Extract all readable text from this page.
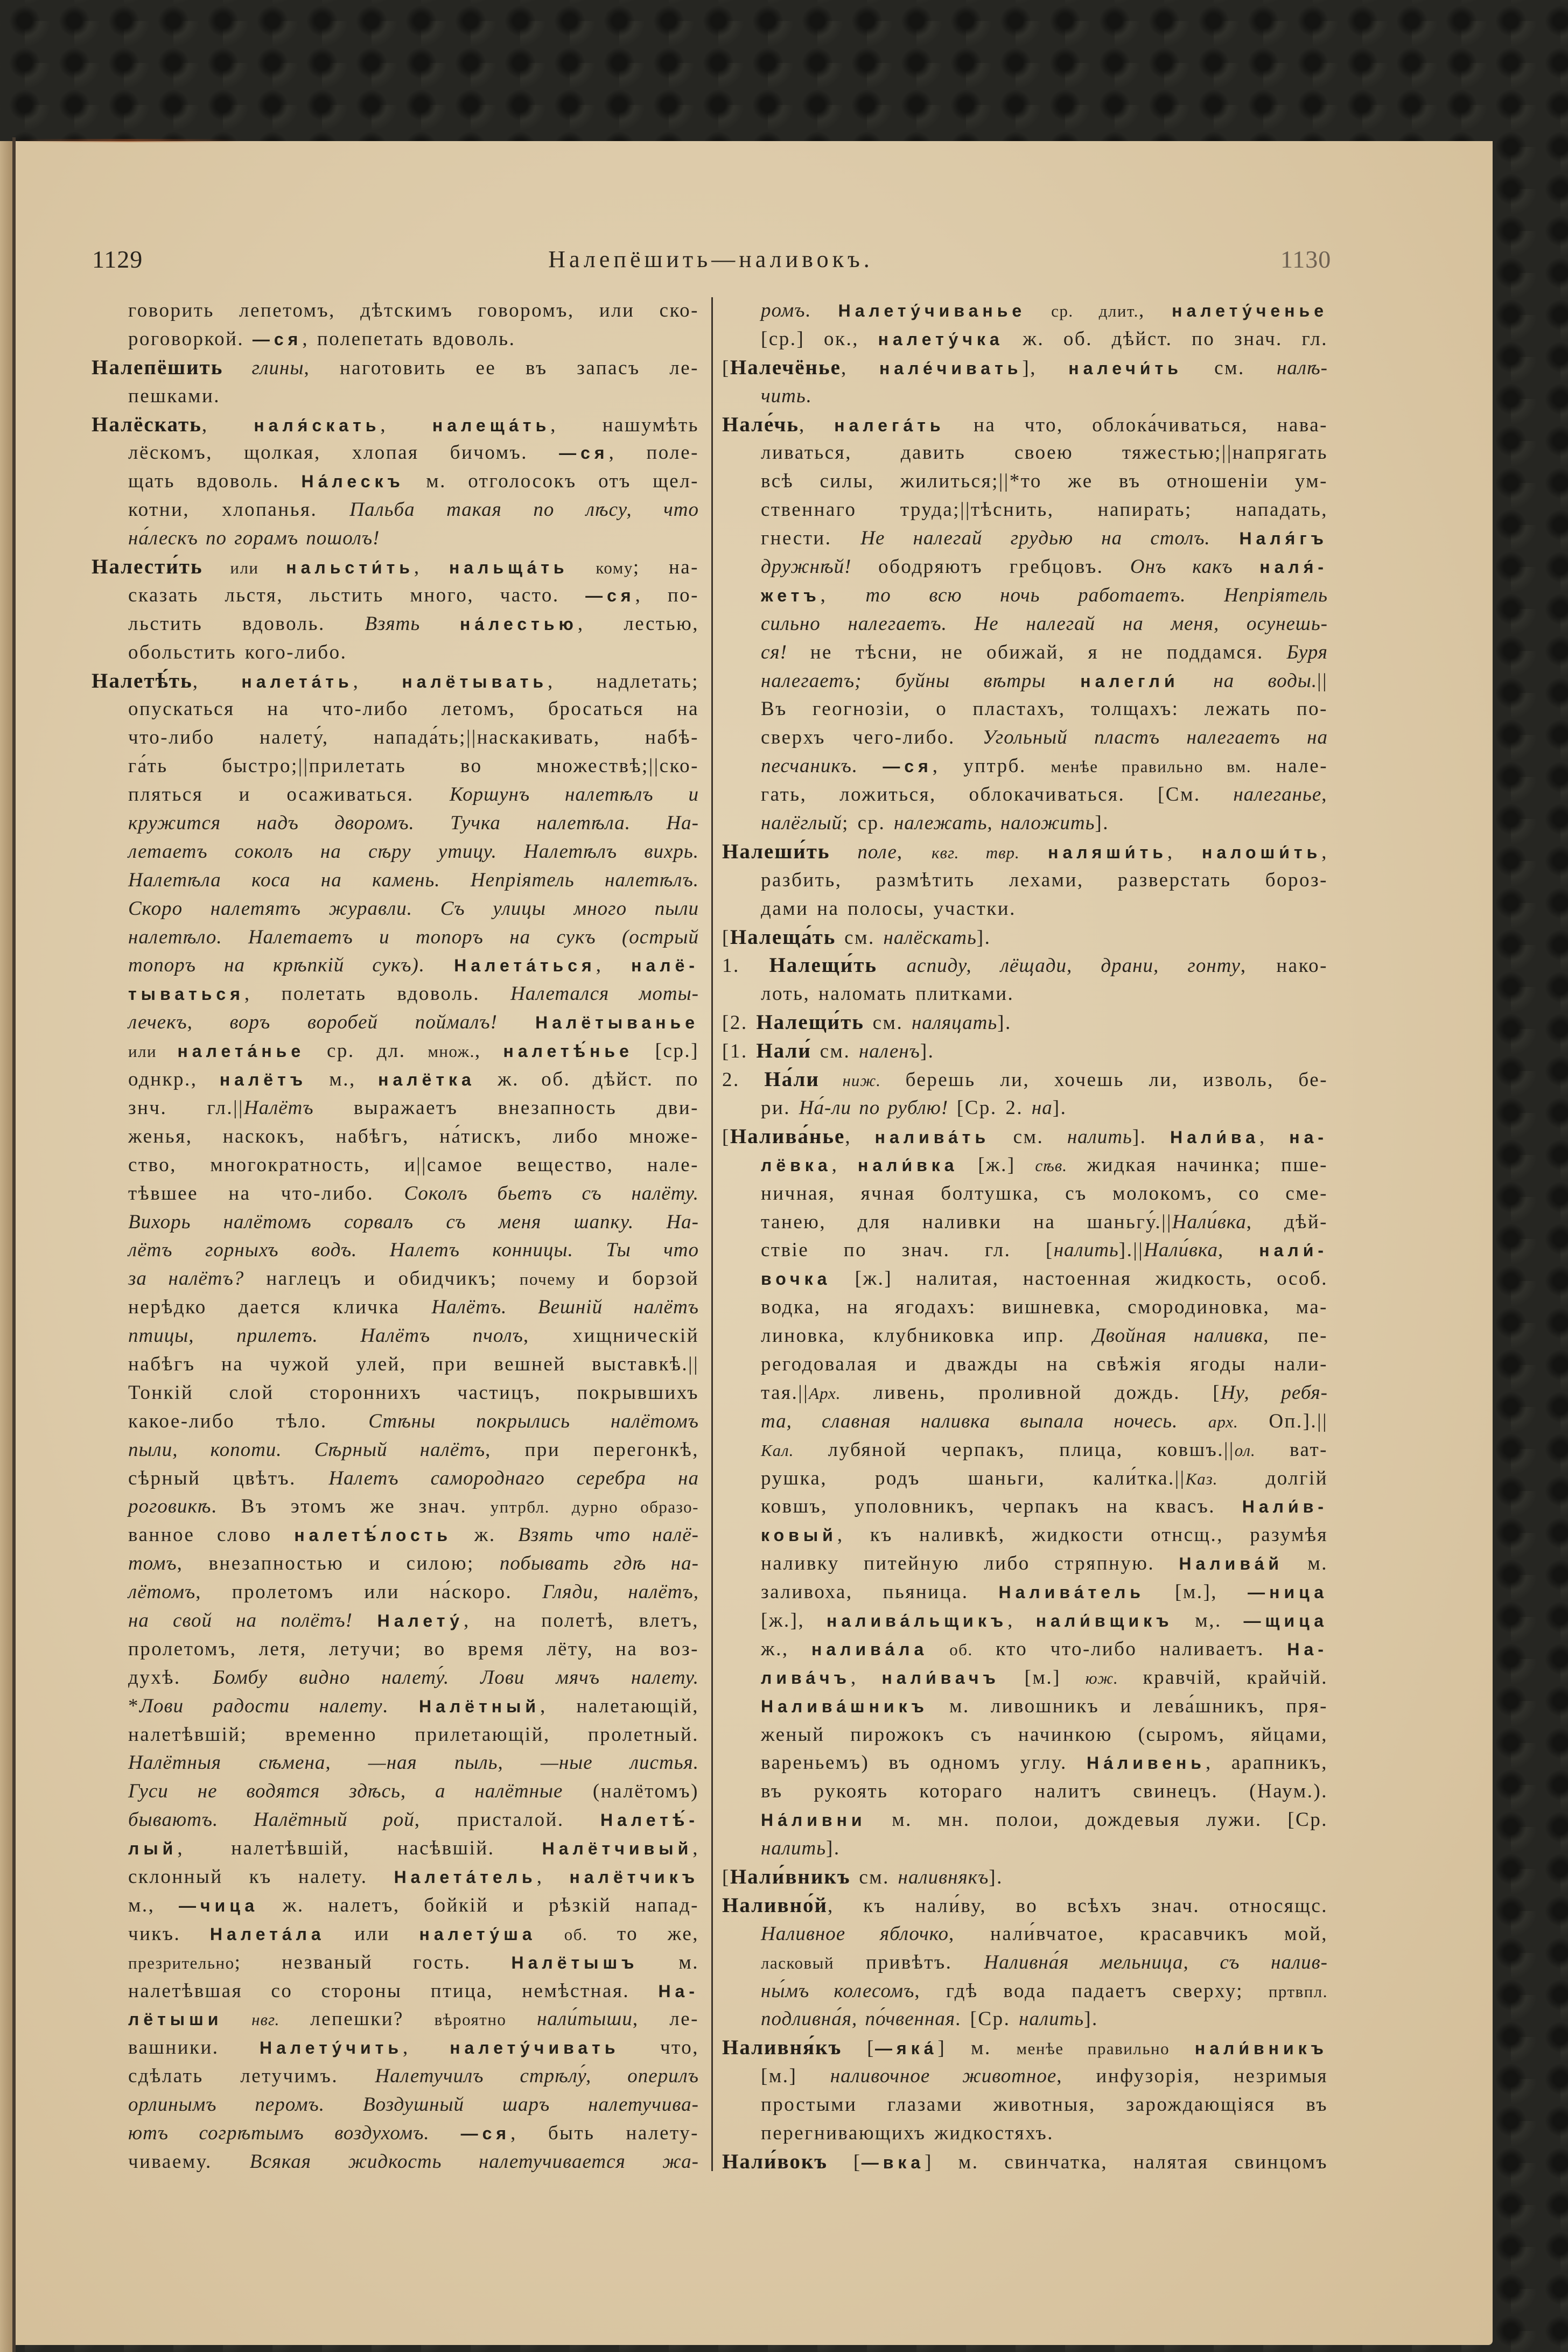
1129	Налепёшить—наливокъ.	1130
говорить лепетомъ, дѣтскимъ говоромъ, или ско-
роговоркой. —ся, полепетать вдоволь.
Налепёшить глины, наготовить ее въ запасъ ле-
пешками.
Налёскать, наля́скать, налеща́ть, нашумѣть
лёскомъ, щолкая, хлопая бичомъ. —ся, поле-
щать вдоволь. На́лескъ м. отголосокъ отъ щел-
котни, хлопанья. Пальба такая по лѣсу, что
на́лескъ по горамъ пошолъ!
Налести́ть или нальсти́ть, нальща́ть кому; на-
сказать льстя, льстить много, часто. —ся, по-
льстить вдоволь. Взять на́лестью, лестью,
обольстить кого-либо.
Налетѣ́ть, налета́ть, налётывать, надлетать;
опускаться на что-либо летомъ, бросаться на
что-либо налету́, напада́ть;||наскакивать, набѣ-
га́ть быстро;||прилетать во множествѣ;||ско-
пляться и осаживаться. Коршунъ налетѣлъ и
кружится надъ дворомъ. Тучка налетѣла. На-
летаетъ соколъ на сѣру утицу. Налетѣлъ вихрь.
Налетѣла коса на камень. Непріятель налетѣлъ.
Скоро налетятъ журавли. Съ улицы много пыли
налетѣло. Налетаетъ и топоръ на сукъ (острый
топоръ на крѣпкій сукъ). Налета́ться, налё-
тываться, полетать вдоволь. Налетался моты-
лечекъ, воръ воробей поймалъ! Налётыванье
или налета́нье ср. дл. множ., налетѣ́нье [ср.]
однкр., налётъ м., налётка ж. об. дѣйст. по
знч. гл.||Налётъ выражаетъ внезапность дви-
женья, наскокъ, набѣгъ, на́тискъ, либо множе-
ство, многократность, и||самое вещество, нале-
тѣвшее на что-либо. Соколъ бьетъ съ налёту.
Вихорь налётомъ сорвалъ съ меня шапку. На-
лётъ горныхъ водъ. Налетъ конницы. Ты что
за налётъ? наглецъ и обидчикъ; почему и борзой
нерѣдко дается кличка Налётъ. Вешній налётъ
птицы, прилетъ. Налётъ пчолъ, хищническій
набѣгъ на чужой улей, при вешней выставкѣ.||
Тонкій слой стороннихъ частицъ, покрывшихъ
какое-либо тѣло. Стѣны покрылись налётомъ
пыли, копоти. Сѣрный налётъ, при перегонкѣ,
сѣрный цвѣтъ. Налетъ самороднаго серебра на
роговикѣ. Въ этомъ же знач. уптрбл. дурно образо-
ванное слово налетѣ́лость ж. Взять что налё-
томъ, внезапностью и силою; побывать гдѣ на-
лётомъ, пролетомъ или на́скоро. Гляди, налётъ,
на свой на полётъ! Налету́, на полетѣ, влетъ,
пролетомъ, летя, летучи; во время лёту, на воз-
духѣ. Бомбу видно налету́. Лови мячъ налету.
*Лови радости налету. Налётный, налетающій,
налетѣвшій; временно прилетающій, пролетный.
Налётныя сѣмена, —ная пыль, —ные листья.
Гуси не водятся здѣсь, а налётные (налётомъ)
бываютъ. Налётный рой, присталой. Налетѣ́-
лый, налетѣвшій, насѣвшій. Налётчивый,
склонный къ налету. Налета́тель, налётчикъ
м., —чица ж. налетъ, бойкій и рѣзкій напад-
чикъ. Налета́ла или налету́ша об. то же,
презрительно; незваный гость. Налётышъ м.
налетѣвшая со стороны птица, немѣстная. На-
лётыши нвг. лепешки? вѣроятно нали́тыши, ле-
вашники. Налету́чить, налету́чивать что,
сдѣлать летучимъ. Налетучилъ стрѣлу́, оперилъ
орлинымъ перомъ. Воздушный шаръ налетучива-
ютъ согрѣтымъ воздухомъ. —ся, быть налету-
чиваему. Всякая жидкость налетучивается жа-
ромъ. Налету́чиванье ср. длит., налету́ченье
[ср.] ок., налету́чка ж. об. дѣйст. по знач. гл.
[Налечёнье, нале́чивать], налечи́ть см. налѣ-
чить.
Нале́чь, налега́ть на что, облока́чиваться, нава-
ливаться, давить своею тяжестью;||напрягать
всѣ силы, жилиться;||*то же въ отношеніи ум-
ственнаго труда;||тѣснить, напирать; нападать,
гнести. Не налегай грудью на столъ. Наля́гъ
дружнѣй! ободряютъ гребцовъ. Онъ какъ наля́-
жетъ, то всю ночь работаетъ. Непріятель
сильно налегаетъ. Не налегай на меня, осунешь-
ся! не тѣсни, не обижай, я не поддамся. Буря
налегаетъ; буйны вѣтры налегли́ на воды.||
Въ геогнозіи, о пластахъ, толщахъ: лежать по-
сверхъ чего-либо. Угольный пластъ налегаетъ на
песчаникъ. —ся, уптрб. менѣе правильно вм. нале-
гать, ложиться, облокачиваться. [См. налеганье,
налёглый; ср. належать, наложить].
Налеши́ть поле, квг. твр. наляши́ть, налоши́ть,
разбить, размѣтить лехами, разверстать бороз-
дами на полосы, участки.
[Налеща́ть см. налёскать].
1. Налещи́ть аспиду, лёщади, драни, гонту, нако-
лоть, наломать плитками.
[2. Налещи́ть см. наляцать].
[1. Нали́ см. наленъ].
2. На́ли ниж. берешь ли, хочешь ли, изволь, бе-
ри. На́-ли по рублю! [Ср. 2. на].
[Налива́нье, налива́ть см. налить]. Нали́ва, на-
лёвка, нали́вка [ж.] сѣв. жидкая начинка; пше-
ничная, ячная болтушка, съ молокомъ, со сме-
танею, для наливки на шаньгу́.||Нали́вка, дѣй-
ствіе по знач. гл. [налить].||Нали́вка, нали́-
вочка [ж.] налитая, настоенная жидкость, особ.
водка, на ягодахъ: вишневка, смородиновка, ма-
линовка, клубниковка ипр. Двойная наливка, пе-
регодовалая и дважды на свѣжія ягоды нали-
тая.||Арх. ливень, проливной дождь. [Ну, ребя-
та, славная наливка выпала ночесь. арх. Оп.].||
Кал. лубяной черпакъ, плица, ковшъ.||ол. ват-
рушка, родъ шаньги, кали́тка.||Каз. долгій
ковшъ, уполовникъ, черпакъ на квасъ. Нали́в-
ковый, къ наливкѣ, жидкости отнсщ., разумѣя
наливку питейную либо стряпную. Налива́й м.
заливоха, пьяница. Налива́тель [м.], —ница
[ж.], налива́льщикъ, нали́вщикъ м,. —щица
ж., налива́ла об. кто что-либо наливаетъ. На-
лива́чъ, нали́вачъ [м.] юж. кравчій, крайчій.
Налива́шникъ м. ливошникъ и лева́шникъ, пря-
женый пирожокъ съ начинкою (сыромъ, яйцами,
вареньемъ) въ одномъ углу. На́ливень, арапникъ,
въ рукоять котораго налитъ свинецъ. (Наум.).
На́ливни м. мн. полои, дождевыя лужи. [Ср.
налить].
[Нали́вникъ см. наливнякъ].
Наливно́й, къ нали́ву, во всѣхъ знач. относящс.
Наливное яблочко, нали́вчатое, красавчикъ мой,
ласковый привѣтъ. Наливна́я мельница, съ налив-
ны́мъ колесомъ, гдѣ вода падаетъ сверху; пртвпл.
подливна́я, по́чвенная. [Ср. налить].
Наливня́къ [—яка́] м. менѣе правильно нали́вникъ
[м.] наливочное животное, инфузорія, незримыя
простыми глазами животныя, зарождающіяся въ
перегнивающихъ жидкостяхъ.
Нали́вокъ [—вка] м. свинчатка, налятая свинцомъ
